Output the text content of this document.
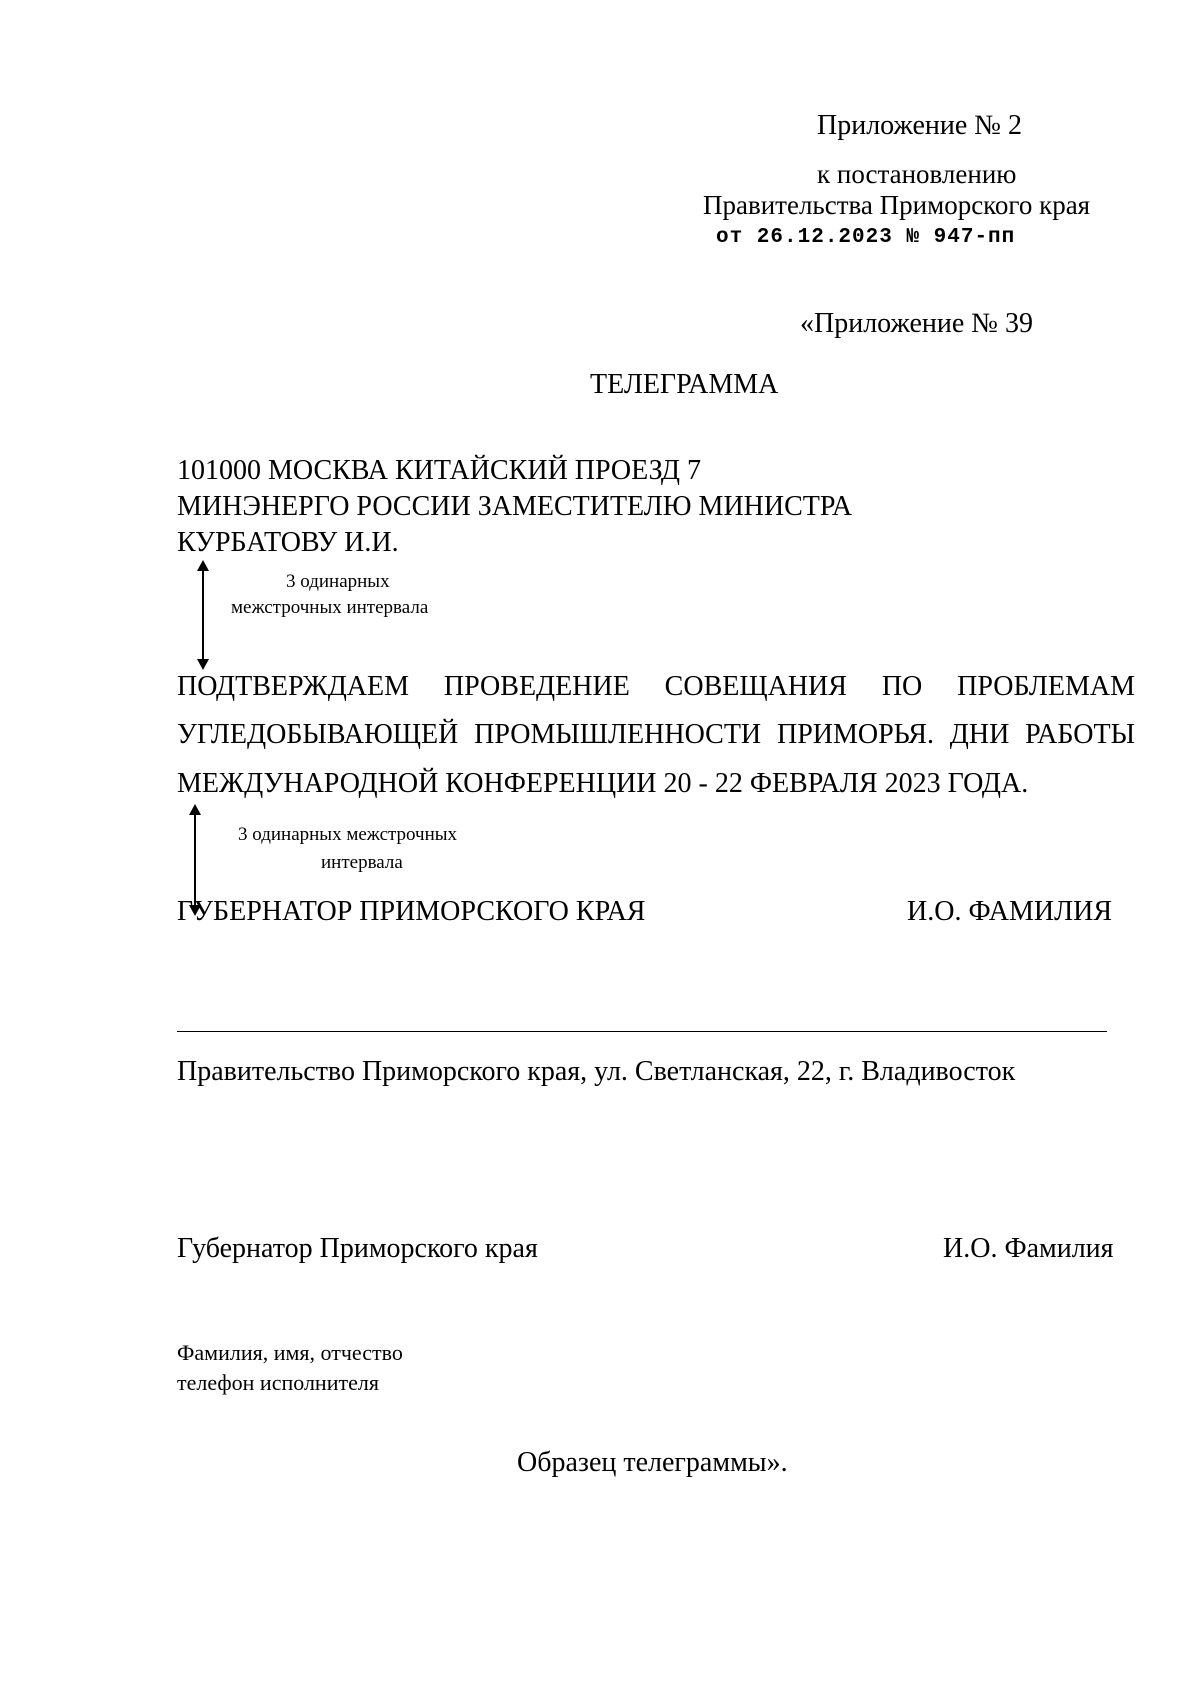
Приложение № 2
к постановлению
Правительства Приморского края
от 26.12.2023 № 947-пп
«Приложение № 39
ТЕЛЕГРАММА
101000 МОСКВА КИТАЙСКИЙ ПРОЕЗД 7
МИНЭНЕРГО РОССИИ ЗАМЕСТИТЕЛЮ МИНИСТРА
КУРБАТОВУ И.И.
3 одинарных
межстрочных интервала
ПОДТВЕРЖДАЕМ ПРОВЕДЕНИЕ СОВЕЩАНИЯ ПО ПРОБЛЕМАМ
УГЛЕДОБЫВАЮЩЕЙ ПРОМЫШЛЕННОСТИ ПРИМОРЬЯ. ДНИ РАБОТЫ
МЕЖДУНАРОДНОЙ КОНФЕРЕНЦИИ 20 - 22 ФЕВРАЛЯ 2023 ГОДА.
3 одинарных межстрочных
интервала
ГУБЕРНАТОР ПРИМОРСКОГО КРАЯ	И.О. ФАМИЛИЯ
Правительство Приморского края, ул. Светланская, 22, г. Владивосток
Губернатор Приморского края	И.О. Фамилия
Фамилия, имя, отчество
телефон исполнителя
Образец телеграммы».
